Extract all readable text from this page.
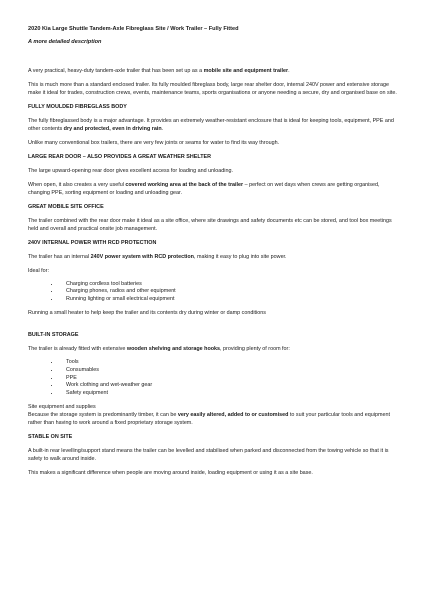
2020 Kia Large Shuttle Tandem-Axle Fibreglass Site / Work Trailer – Fully Fitted
A more detailed description

A very practical, heavy-duty tandem-axle trailer that has been set up as a mobile site and equipment trailer.

This is much more than a standard enclosed trailer. Its fully moulded fibreglass body, large rear shelter door, internal 240V power and extensive storage make it ideal for trades, construction crews, events, maintenance teams, sports organisations or anyone needing a secure, dry and organised base on site.

FULLY MOULDED FIBREGLASS BODY

The fully fibreglassed body is a major advantage. It provides an extremely weather-resistant enclosure that is ideal for keeping tools, equipment, PPE and other contents dry and protected, even in driving rain.

Unlike many conventional box trailers, there are very few joints or seams for water to find its way through.

LARGE REAR DOOR – ALSO PROVIDES A GREAT WEATHER SHELTER

The large upward-opening rear door gives excellent access for loading and unloading.

When open, it also creates a very useful covered working area at the back of the trailer – perfect on wet days when crews are getting organised, changing PPE, sorting equipment or loading and unloading gear.

GREAT MOBILE SITE OFFICE

The trailer combined with the rear door make it ideal as a site office, where site drawings and safety documents etc can be stored, and tool box meetings held and overall and practical onsite job management.

240V INTERNAL POWER WITH RCD PROTECTION

The trailer has an internal 240V power system with RCD protection, making it easy to plug into site power.

Ideal for:

• Charging cordless tool batteries
• Charging phones, radios and other equipment
• Running lighting or small electrical equipment

Running a small heater to help keep the trailer and its contents dry during winter or damp conditions

BUILT-IN STORAGE

The trailer is already fitted with extensive wooden shelving and storage hooks, providing plenty of room for:

• Tools
• Consumables
• PPE
• Work clothing and wet-weather gear
• Safety equipment

Site equipment and supplies

Because the storage system is predominantly timber, it can be very easily altered, added to or customised to suit your particular tools and equipment rather than having to work around a fixed proprietary storage system.

STABLE ON SITE

A built-in rear levelling/support stand means the trailer can be levelled and stabilised when parked and disconnected from the towing vehicle so that it is safety to walk around inside.

This makes a significant difference when people are moving around inside, loading equipment or using it as a site base.
